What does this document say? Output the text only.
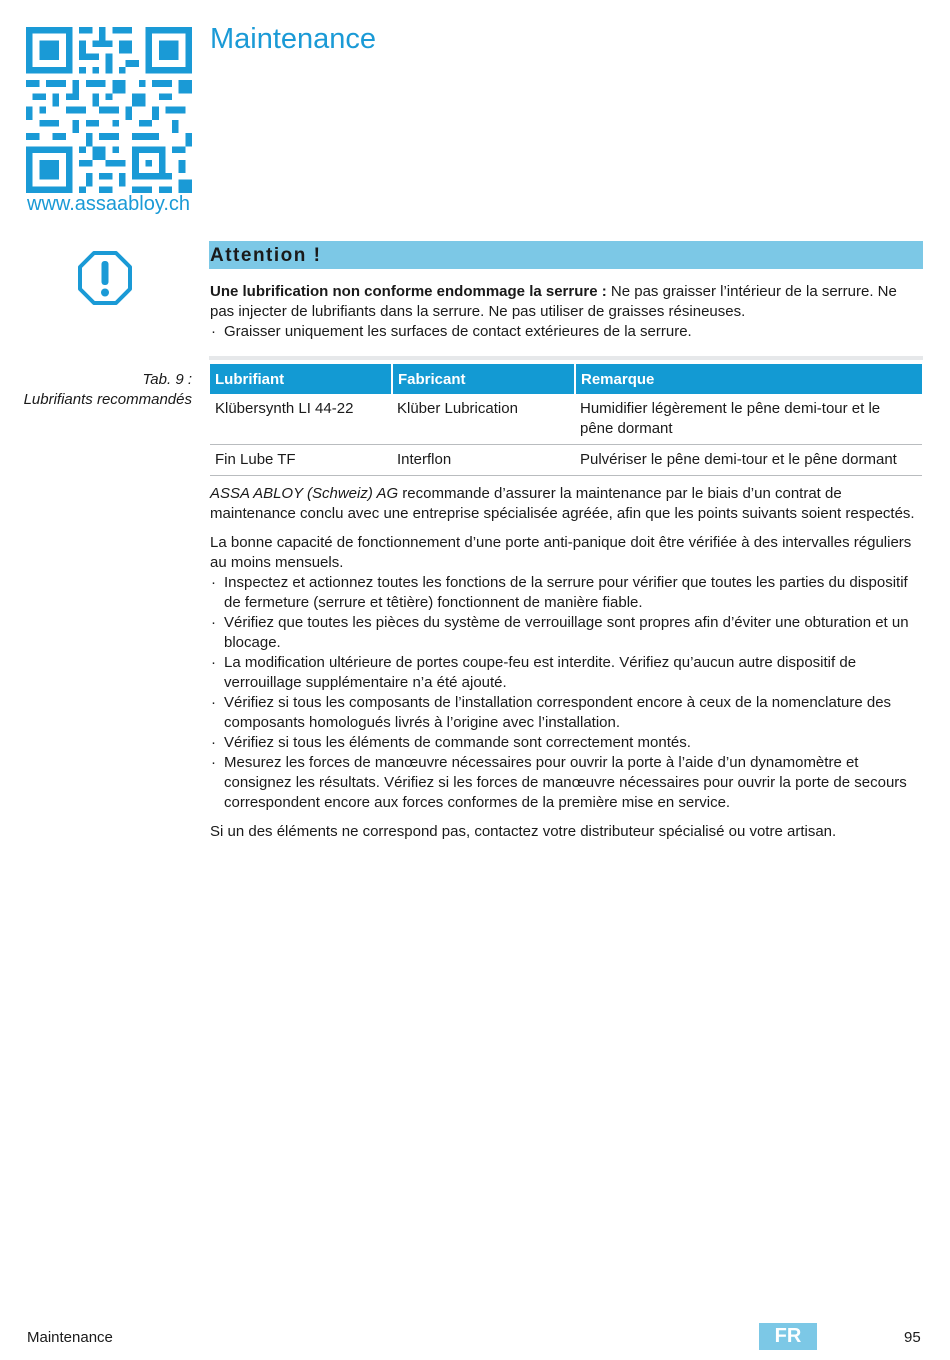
www.assaabloy.ch
Maintenance
Attention !
Une lubrification non conforme endommage la serrure : Ne pas graisser l’intérieur de la serrure. Ne pas injecter de lubrifiants dans la serrure. Ne pas utiliser de graisses résineuses.
· Graisser uniquement les surfaces de contact extérieures de la serrure.
Tab. 9 :
Lubrifiants recommandés
Lubrifiant	Fabricant	Remarque
Klübersynth LI 44-22	Klüber Lubrication	Humidifier légèrement le pêne demi-tour et le pêne dormant
Fin Lube TF	Interflon	Pulvériser le pêne demi-tour et le pêne dormant

ASSA ABLOY (Schweiz) AG recommande d’assurer la maintenance par le biais d’un contrat de maintenance conclu avec une entreprise spécialisée agréée, afin que les points suivants soient respectés.

La bonne capacité de fonctionnement d’une porte anti-panique doit être vérifiée à des intervalles réguliers au moins mensuels.
· Inspectez et actionnez toutes les fonctions de la serrure pour vérifier que toutes les parties du dispositif de fermeture (serrure et têtière) fonctionnent de manière fiable.
· Vérifiez que toutes les pièces du système de verrouillage sont propres afin d’éviter une obturation et un blocage.
· La modification ultérieure de portes coupe-feu est interdite. Vérifiez qu’aucun autre dispositif de verrouillage supplémentaire n’a été ajouté.
· Vérifiez si tous les composants de l’installation correspondent encore à ceux de la nomenclature des composants homologués livrés à l’origine avec l’installation.
· Vérifiez si tous les éléments de commande sont correctement montés.
· Mesurez les forces de manœuvre nécessaires pour ouvrir la porte à l’aide d’un dynamomètre et consignez les résultats. Vérifiez si les forces de manœuvre nécessaires pour ouvrir la porte de secours correspondent encore aux forces conformes de la première mise en service.

Si un des éléments ne correspond pas, contactez votre distributeur spécialisé ou votre artisan.

Maintenance	FR	95
